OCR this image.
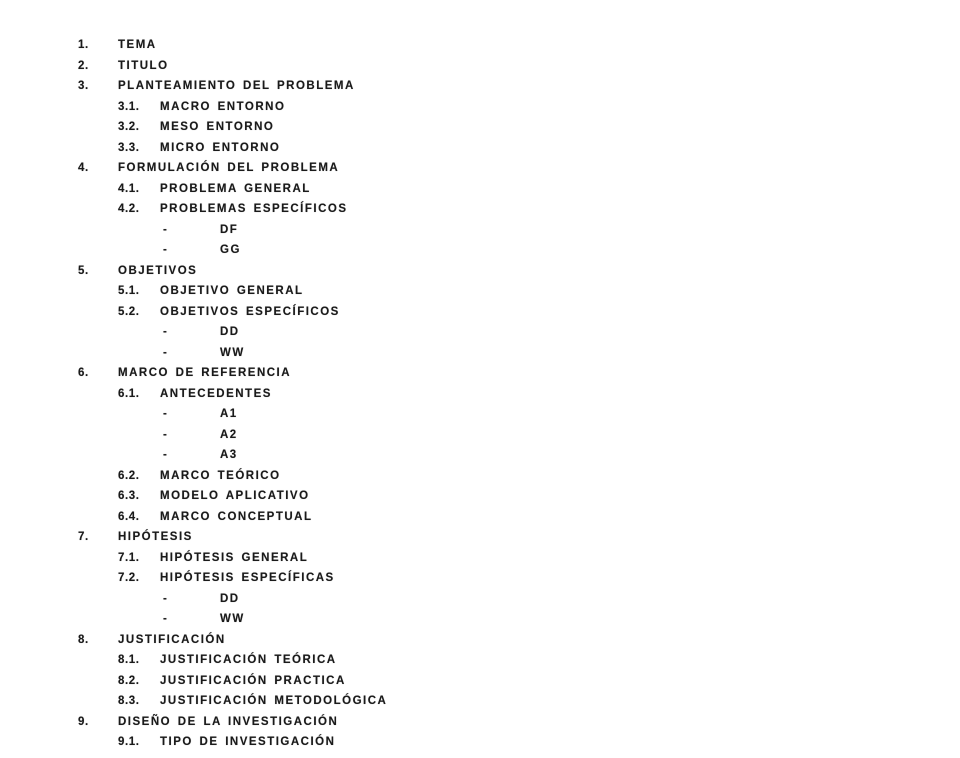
1.	TEMA
2.	TITULO
3.	PLANTEAMIENTO DEL PROBLEMA
3.1.	MACRO ENTORNO
3.2.	MESO ENTORNO
3.3.	MICRO ENTORNO
4.	FORMULACIÓN DEL PROBLEMA
4.1.	PROBLEMA GENERAL
4.2.	PROBLEMAS ESPECÍFICOS
-	DF
-	GG
5.	OBJETIVOS
5.1.	OBJETIVO GENERAL
5.2.	OBJETIVOS ESPECÍFICOS
-	DD
-	WW
6.	MARCO DE REFERENCIA
6.1.	ANTECEDENTES
-	A1
-	A2
-	A3
6.2.	MARCO TEÓRICO
6.3.	MODELO APLICATIVO
6.4.	MARCO CONCEPTUAL
7.	HIPÓTESIS
7.1.	HIPÓTESIS GENERAL
7.2.	HIPÓTESIS ESPECÍFICAS
-	DD
-	WW
8.	JUSTIFICACIÓN
8.1.	JUSTIFICACIÓN TEÓRICA
8.2.	JUSTIFICACIÓN PRACTICA
8.3.	JUSTIFICACIÓN METODOLÓGICA
9.	DISEÑO DE LA INVESTIGACIÓN
9.1.	TIPO DE INVESTIGACIÓN
